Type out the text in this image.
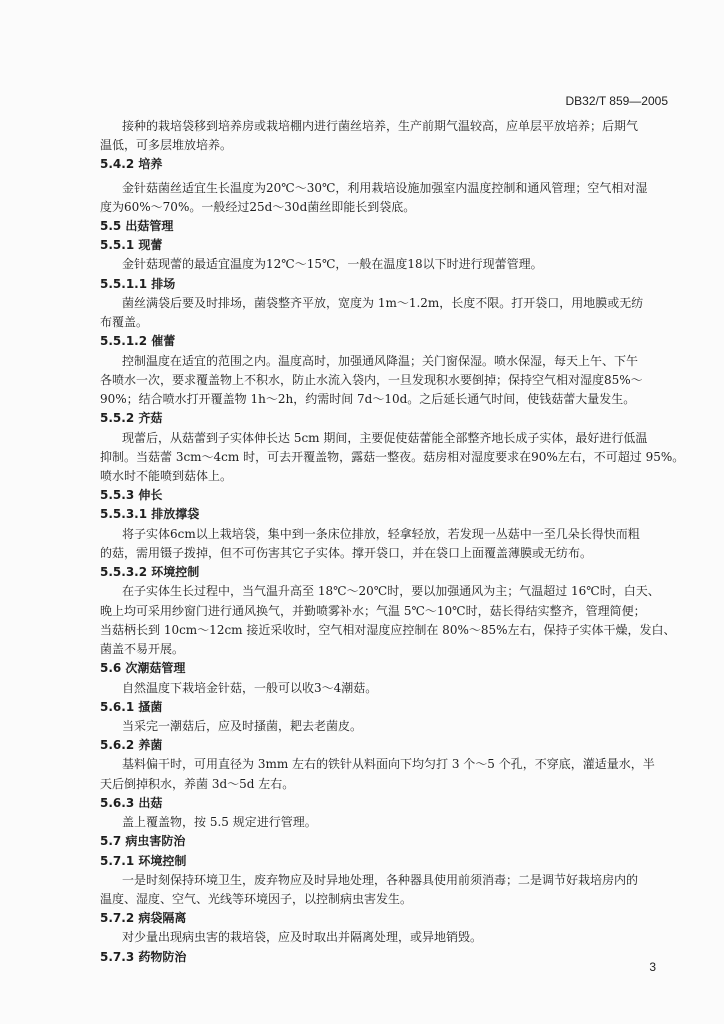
DB32/T 859—2005
接种的栽培袋移到培养房或栽培棚内进行菌丝培养，生产前期气温较高，应单层平放培养；后期气
温低，可多层堆放培养。
5.4.2 培养
金针菇菌丝适宜生长温度为20℃～30℃，利用栽培设施加强室内温度控制和通风管理；空气相对湿
度为60%～70%。一般经过25d～30d菌丝即能长到袋底。
5.5 出菇管理
5.5.1 现蕾
金针菇现蕾的最适宜温度为12℃～15℃，一般在温度18以下时进行现蕾管理。
5.5.1.1 排场
菌丝满袋后要及时排场，菌袋整齐平放，宽度为 1m～1.2m，长度不限。打开袋口，用地膜或无纺
布覆盖。
5.5.1.2 催蕾
控制温度在适宜的范围之内。温度高时，加强通风降温；关门窗保湿。喷水保湿，每天上午、下午
各喷水一次，要求覆盖物上不积水，防止水流入袋内，一旦发现积水要倒掉；保持空气相对湿度85%～
90%；结合喷水打开覆盖物 1h～2h，约需时间 7d～10d。之后延长通气时间，使钱菇蕾大量发生。
5.5.2 齐菇
现蕾后，从菇蕾到子实体伸长达 5cm 期间，主要促使菇蕾能全部整齐地长成子实体，最好进行低温
抑制。当菇蕾 3cm～4cm 时，可去开覆盖物，露菇一整夜。菇房相对湿度要求在90%左右，不可超过 95%。
喷水时不能喷到菇体上。
5.5.3 伸长
5.5.3.1 排放撑袋
将子实体6cm以上栽培袋，集中到一条床位排放，轻拿轻放，若发现一丛菇中一至几朵长得快而粗
的菇，需用镊子拨掉，但不可伤害其它子实体。撑开袋口，并在袋口上面覆盖薄膜或无纺布。
5.5.3.2 环境控制
在子实体生长过程中，当气温升高至 18℃～20℃时，要以加强通风为主；气温超过 16℃时，白天、
晚上均可采用纱窗门进行通风换气，并勤喷雾补水；气温 5℃～10℃时，菇长得结实整齐，管理简便；
当菇柄长到 10cm～12cm 接近采收时，空气相对湿度应控制在 80%～85%左右，保持子实体干燥，发白、
菌盖不易开展。
5.6 次潮菇管理
自然温度下栽培金针菇，一般可以收3～4潮菇。
5.6.1 搔菌
当采完一潮菇后，应及时搔菌，耙去老菌皮。
5.6.2 养菌
基料偏干时，可用直径为 3mm 左右的铁针从料面向下均匀打 3 个～5 个孔，不穿底，灌适量水，半
天后倒掉积水，养菌 3d～5d 左右。
5.6.3 出菇
盖上覆盖物，按 5.5 规定进行管理。
5.7 病虫害防治
5.7.1 环境控制
一是时刻保持环境卫生，废弃物应及时异地处理，各种器具使用前须消毒；二是调节好栽培房内的
温度、湿度、空气、光线等环境因子，以控制病虫害发生。
5.7.2 病袋隔离
对少量出现病虫害的栽培袋，应及时取出并隔离处理，或异地销毁。
5.7.3 药物防治
3
